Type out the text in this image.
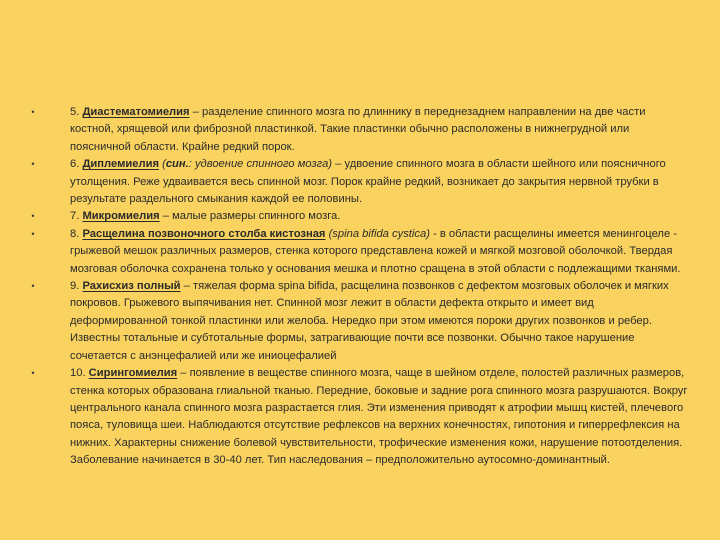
•	5. Диастематомиелия – разделение спинного мозга по длиннику в переднезаднем направлении на две части костной, хрящевой или фиброзной пластинкой. Такие пластинки обычно расположены в нижнегрудной или поясничной области. Крайне редкий порок.
•	6. Диплемиелия (син.: удвоение спинного мозга) – удвоение спинного мозга в области шейного или поясничного утолщения. Реже удваивается весь спинной мозг. Порок крайне редкий, возникает до закрытия нервной трубки в результате раздельного смыкания каждой ее половины.
•	7. Микромиелия – малые размеры спинного мозга.
•	8. Расщелина позвоночного столба кистозная (spina bifida cystica) - в области расщелины имеется менингоцеле - грыжевой мешок различных размеров, стенка которого представлена кожей и мягкой мозговой оболочкой. Твердая мозговая оболочка сохранена только у основания мешка и плотно сращена в этой области с подлежащими тканями.
•	9. Рахисхиз полный – тяжелая форма spina bifida, расщелина позвонков с дефектом мозговых оболочек и мягких покровов. Грыжевого выпячивания нет. Спинной мозг лежит в области дефекта открыто и имеет вид деформированной тонкой пластинки или желоба. Нередко при этом имеются пороки других позвонков и ребер. Известны тотальные и субтотальные формы, затрагивающие почти все позвонки. Обычно такое нарушение сочетается с анэнцефалией или же иниоцефалией
•	10. Сирингомиелия – появление в веществе спинного мозга, чаще в шейном отделе, полостей различных размеров, стенка которых образована глиальной тканью. Передние, боковые и задние рога спинного мозга разрушаются. Вокруг центрального канала спинного мозга разрастается глия. Эти изменения приводят к атрофии мышц кистей, плечевого пояса, туловища шеи. Наблюдаются отсутствие рефлексов на верхних конечностях, гипотония и гиперрефлексия на нижних. Характерны снижение болевой чувствительности, трофические изменения кожи, нарушение потоотделения. Заболевание начинается в 30-40 лет. Тип наследования – предположительно аутосомно-доминантный.
